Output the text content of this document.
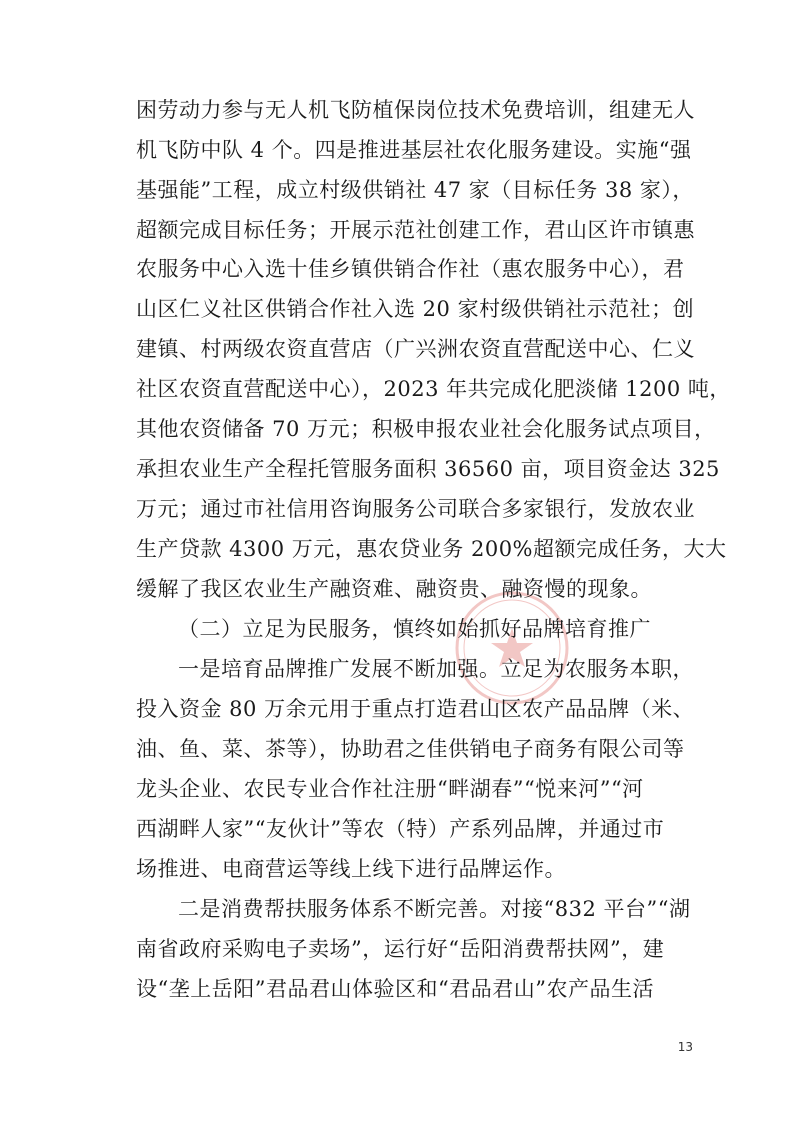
困劳动力参与无人机飞防植保岗位技术免费培训，组建无人
机飞防中队 4 个。四是推进基层社农化服务建设。实施“强
基强能”工程，成立村级供销社 47 家（目标任务 38 家），
超额完成目标任务；开展示范社创建工作，君山区许市镇惠
农服务中心入选十佳乡镇供销合作社（惠农服务中心），君
山区仁义社区供销合作社入选 20 家村级供销社示范社；创
建镇、村两级农资直营店（广兴洲农资直营配送中心、仁义
社区农资直营配送中心），2023 年共完成化肥淡储 1200 吨，
其他农资储备 70 万元；积极申报农业社会化服务试点项目，
承担农业生产全程托管服务面积 36560 亩，项目资金达 325
万元；通过市社信用咨询服务公司联合多家银行，发放农业
生产贷款 4300 万元，惠农贷业务 200%超额完成任务，大大
缓解了我区农业生产融资难、融资贵、融资慢的现象。
（二）立足为民服务，慎终如始抓好品牌培育推广
一是培育品牌推广发展不断加强。立足为农服务本职，
投入资金 80 万余元用于重点打造君山区农产品品牌（米、
油、鱼、菜、茶等），协助君之佳供销电子商务有限公司等
龙头企业、农民专业合作社注册“畔湖春”“悦来河”“河
西湖畔人家”“友伙计”等农（特）产系列品牌，并通过市
场推进、电商营运等线上线下进行品牌运作。
二是消费帮扶服务体系不断完善。对接“832 平台”“湖
南省政府采购电子卖场”，运行好“岳阳消费帮扶网”，建
设“垄上岳阳”君品君山体验区和“君品君山”农产品生活
13
